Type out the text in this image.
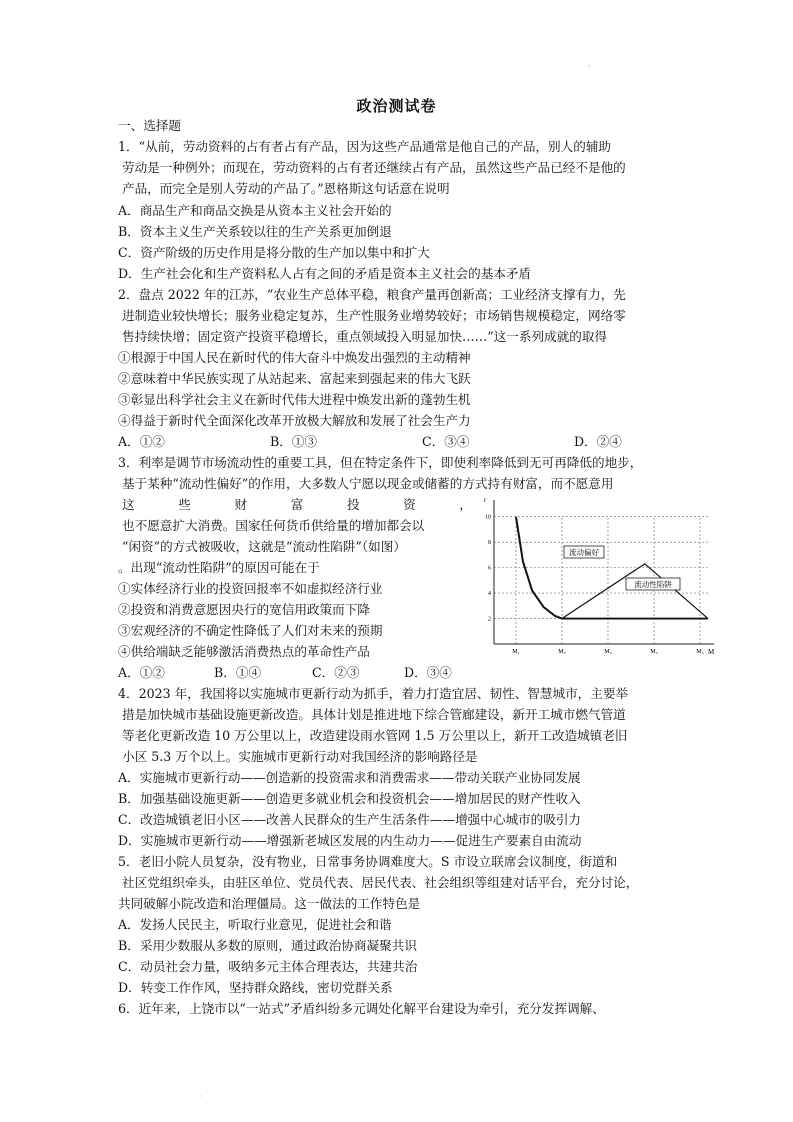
·
政治测试卷
一、选择题
1．“从前，劳动资料的占有者占有产品，因为这些产品通常是他自己的产品，别人的辅助
劳动是一种例外；而现在，劳动资料的占有者还继续占有产品，虽然这些产品已经不是他的
产品，而完全是别人劳动的产品了。”恩格斯这句话意在说明
A．商品生产和商品交换是从资本主义社会开始的
B．资本主义生产关系较以往的生产关系更加倒退
C．资产阶级的历史作用是将分散的生产加以集中和扩大
D．生产社会化和生产资料私人占有之间的矛盾是资本主义社会的基本矛盾
2．盘点 2022 年的江苏，“农业生产总体平稳，粮食产量再创新高；工业经济支撑有力，先
进制造业较快增长；服务业稳定复苏，生产性服务业增势较好；市场销售规模稳定，网络零
售持续快增；固定资产投资平稳增长，重点领域投入明显加快……”这一系列成就的取得
①根源于中国人民在新时代的伟大奋斗中焕发出强烈的主动精神
②意味着中华民族实现了从站起来、富起来到强起来的伟大飞跃
③彰显出科学社会主义在新时代伟大进程中焕发出新的蓬勃生机
④得益于新时代全面深化改革开放极大解放和发展了社会生产力
A．①②	B．①③	C．③④	D．②④
3．利率是调节市场流动性的重要工具，但在特定条件下，即使利率降低到无可再降低的地步，
基于某种“流动性偏好”的作用，大多数人宁愿以现金或储蓄的方式持有财富，而不愿意用
这	些	财	富	投	资	，
也不愿意扩大消费。国家任何货币供给量的增加都会以
“闲资”的方式被吸收，这就是“流动性陷阱”（如图）
。出现“流动性陷阱”的原因可能在于
①实体经济行业的投资回报率不如虚拟经济行业
②投资和消费意愿因央行的宽信用政策而下降
③宏观经济的不确定性降低了人们对未来的预期
④供给端缺乏能够激活消费热点的革命性产品
A．①②	B．①④	C．②③	D．③④
r
M
2
4
6
8
10
M₁	M₂	M₃	M₄	M₅
流动偏好
流动性陷阱
4．2023 年，我国将以实施城市更新行动为抓手，着力打造宜居、韧性、智慧城市，主要举
措是加快城市基础设施更新改造。具体计划是推进地下综合管廊建设，新开工城市燃气管道
等老化更新改造 10 万公里以上，改造建设雨水管网 1.5 万公里以上，新开工改造城镇老旧
小区 5.3 万个以上。实施城市更新行动对我国经济的影响路径是
A．实施城市更新行动——创造新的投资需求和消费需求——带动关联产业协同发展
B．加强基础设施更新——创造更多就业机会和投资机会——增加居民的财产性收入
C．改造城镇老旧小区——改善人民群众的生产生活条件——增强中心城市的吸引力
D．实施城市更新行动——增强新老城区发展的内生动力——促进生产要素自由流动
5．老旧小院人员复杂，没有物业，日常事务协调难度大。S 市设立联席会议制度，街道和
社区党组织牵头，由驻区单位、党员代表、居民代表、社会组织等组建对话平台，充分讨论，
共同破解小院改造和治理僵局。这一做法的工作特色是
A．发扬人民民主，听取行业意见，促进社会和谐
B．采用少数服从多数的原则，通过政治协商凝聚共识
C．动员社会力量，吸纳多元主体合理表达，共建共治
D．转变工作作风，坚持群众路线，密切党群关系
6．近年来，上饶市以“一站式”矛盾纠纷多元调处化解平台建设为牵引，充分发挥调解、
·
